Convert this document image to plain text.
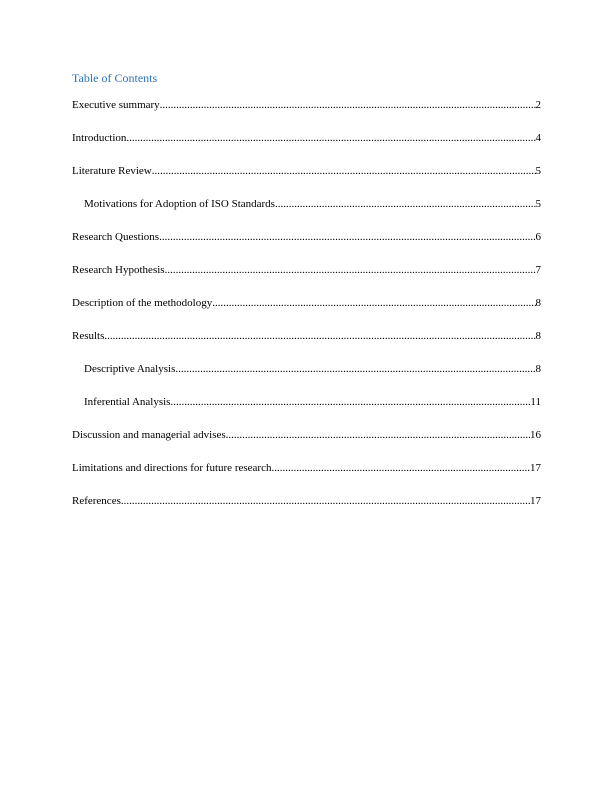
Table of Contents
Executive summary .....	2
Introduction .....	4
Literature Review .....	5
Motivations for Adoption of ISO Standards .....	5
Research Questions .....	6
Research Hypothesis .....	7
Description of the methodology .....	8
Results .....	8
Descriptive Analysis .....	8
Inferential Analysis .....	11
Discussion and managerial advises .....	16
Limitations and directions for future research .....	17
References .....	17
